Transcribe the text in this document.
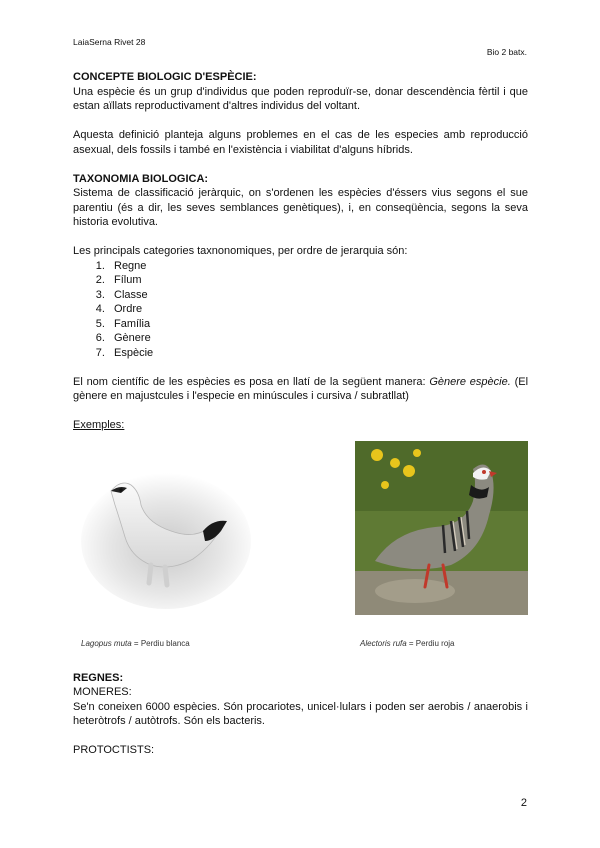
LaiaSerna Rivet 28
Bio 2 batx.

CONCEPTE BIOLOGIC D'ESPÈCIE:

Una espècie és un grup d'individus que poden reproduïr-se, donar descendència fèrtil i que estan aïllats reproductivament d'altres individus del voltant.

Aquesta definició planteja alguns problemes en el cas de les especies amb reproducció asexual, dels fossils i també en l'existència i viabilitat d'alguns híbrids.

TAXONOMIA BIOLOGICA:

Sistema de classificació jeràrquic, on s'ordenen les espècies d'éssers vius segons el sue parentiu (és a dir, les seves semblances genètiques), i, en conseqüència, segons la seva historia evolutiva.

Les principals categories taxnonomiques, per ordre de jerarquia són:

1. Regne
2. Fílum
3. Classe
4. Ordre
5. Família
6. Gènere
7. Espècie

El nom científic de les espècies es posa en llatí de la següent manera: Gènere espècie. (El gènere en majustcules i l'especie en minúscules i cursiva / subratllat)

Exemples:

Lagopus muta = Perdiu blanca	Alectoris rufa = Perdiu roja

REGNES:

MONERES:

Se'n coneixen 6000 espècies. Són procariotes, unicel·lulars i poden ser aerobis / anaerobis i heteròtrofs / autòtrofs. Són els bacteris.

PROTOCTISTS:

2
